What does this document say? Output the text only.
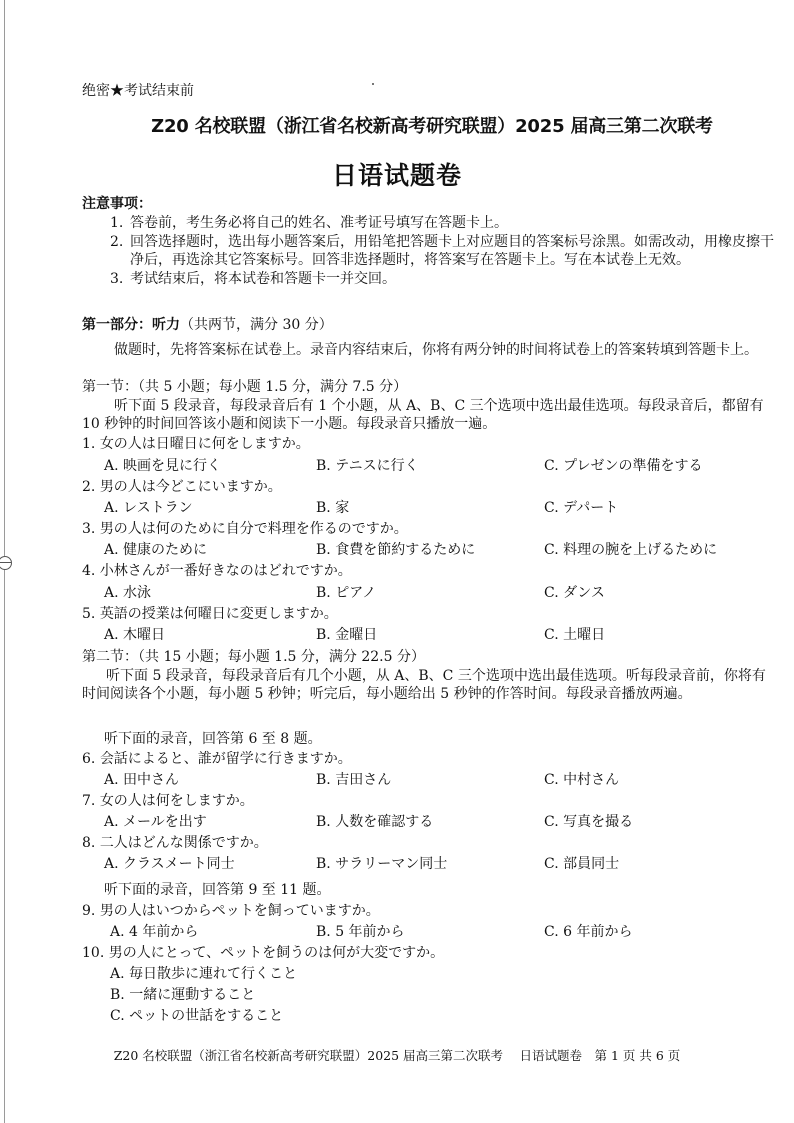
绝密★考试结束前
Z20 名校联盟（浙江省名校新高考研究联盟）2025 届高三第二次联考
日语试题卷
注意事项：
1. 答卷前，考生务必将自己的姓名、准考证号填写在答题卡上。
2. 回答选择题时，选出每小题答案后，用铅笔把答题卡上对应题目的答案标号涂黑。如需改动，用橡皮擦干净后，再选涂其它答案标号。回答非选择题时，将答案写在答题卡上。写在本试卷上无效。
3. 考试结束后，将本试卷和答题卡一并交回。
第一部分：听力（共两节，满分 30 分）
做题时，先将答案标在试卷上。录音内容结束后，你将有两分钟的时间将试卷上的答案转填到答题卡上。
第一节：（共 5 小题；每小题 1.5 分，满分 7.5 分）
听下面 5 段录音，每段录音后有 1 个小题，从 A、B、C 三个选项中选出最佳选项。每段录音后，都留有 10 秒钟的时间回答该小题和阅读下一小题。每段录音只播放一遍。
1. 女の人は日曜日に何をしますか。
A. 映画を見に行く	B. テニスに行く	C. プレゼンの準備をする
2. 男の人は今どこにいますか。
A. レストラン	B. 家	C. デパート
3. 男の人は何のために自分で料理を作るのですか。
A. 健康のために	B. 食費を節約するために	C. 料理の腕を上げるために
4. 小林さんが一番好きなのはどれですか。
A. 水泳	B. ピアノ	C. ダンス
5. 英語の授業は何曜日に変更しますか。
A. 木曜日	B. 金曜日	C. 土曜日
第二节：（共 15 小题；每小题 1.5 分，满分 22.5 分）
听下面 5 段录音，每段录音后有几个小题，从 A、B、C 三个选项中选出最佳选项。听每段录音前，你将有时间阅读各个小题，每小题 5 秒钟；听完后，每小题给出 5 秒钟的作答时间。每段录音播放两遍。
听下面的录音，回答第 6 至 8 题。
6. 会話によると、誰が留学に行きますか。
A. 田中さん	B. 吉田さん	C. 中村さん
7. 女の人は何をしますか。
A. メールを出す	B. 人数を確認する	C. 写真を撮る
8. 二人はどんな関係ですか。
A. クラスメート同士	B. サラリーマン同士	C. 部員同士
听下面的录音，回答第 9 至 11 题。
9. 男の人はいつからペットを飼っていますか。
A. 4 年前から	B. 5 年前から	C. 6 年前から
10. 男の人にとって、ペットを飼うのは何が大変ですか。
A. 毎日散歩に連れて行くこと
B. 一緒に運動すること
C. ペットの世話をすること
Z20 名校联盟（浙江省名校新高考研究联盟）2025 届高三第二次联考　 日语试题卷　第 1 页 共 6 页
